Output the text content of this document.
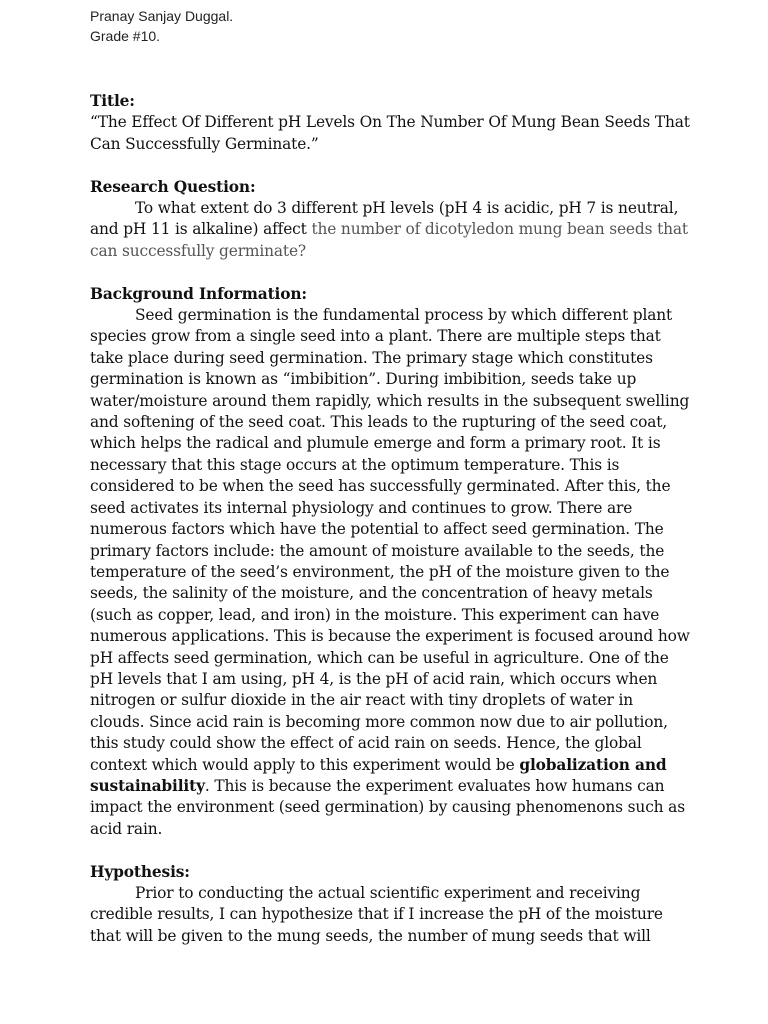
Pranay Sanjay Duggal.
Grade #10.

Title:

“The Effect Of Different pH Levels On The Number Of Mung Bean Seeds That Can Successfully Germinate.”

Research Question:

To what extent do 3 different pH levels (pH 4 is acidic, pH 7 is neutral, and pH 11 is alkaline) affect the number of dicotyledon mung bean seeds that can successfully germinate?

Background Information:

Seed germination is the fundamental process by which different plant species grow from a single seed into a plant. There are multiple steps that take place during seed germination. The primary stage which constitutes germination is known as “imbibition”. During imbibition, seeds take up water/moisture around them rapidly, which results in the subsequent swelling and softening of the seed coat. This leads to the rupturing of the seed coat, which helps the radical and plumule emerge and form a primary root. It is necessary that this stage occurs at the optimum temperature. This is considered to be when the seed has successfully germinated. After this, the seed activates its internal physiology and continues to grow. There are numerous factors which have the potential to affect seed germination. The primary factors include: the amount of moisture available to the seeds, the temperature of the seed’s environment, the pH of the moisture given to the seeds, the salinity of the moisture, and the concentration of heavy metals (such as copper, lead, and iron) in the moisture. This experiment can have numerous applications. This is because the experiment is focused around how pH affects seed germination, which can be useful in agriculture. One of the pH levels that I am using, pH 4, is the pH of acid rain, which occurs when nitrogen or sulfur dioxide in the air react with tiny droplets of water in clouds. Since acid rain is becoming more common now due to air pollution, this study could show the effect of acid rain on seeds. Hence, the global context which would apply to this experiment would be globalization and sustainability. This is because the experiment evaluates how humans can impact the environment (seed germination) by causing phenomenons such as acid rain.

Hypothesis:

Prior to conducting the actual scientific experiment and receiving credible results, I can hypothesize that if I increase the pH of the moisture that will be given to the mung seeds, the number of mung seeds that will
